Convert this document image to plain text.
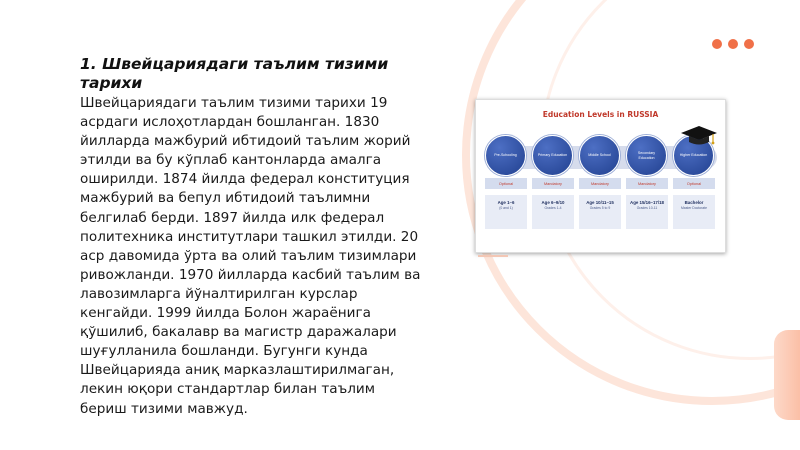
1. Швейцариядаги таълим тизими тарихи
Швейцариядаги таълим тизими тарихи 19 асрдаги ислоҳотлардан бошланган. 1830 йилларда мажбурий ибтидоий таълим жорий этилди ва бу кўплаб кантонларда амалга оширилди. 1874 йилда федерал конституция мажбурий ва бепул ибтидоий таълимни белгилаб берди. 1897 йилда илк федерал политехника институтлари ташкил этилди. 20 аср давомида ўрта ва олий таълим тизимлари ривожланди. 1970 йилларда касбий таълим ва лавозимларга йўналтирилган курслар кенгайди. 1999 йилда Болон жараёнига қўшилиб, бакалавр ва магистр даражалари шуғулланила бошланди. Бугунги кунда Швейцарияда аниқ марказлаштирилмаган, лекин юқори стандартлар билан таълим бериш тизими мавжуд.
Education Levels in RUSSIA
Pre-Schooling
Optional
Age 1–6
(0 and 1)
Primary Education
Mandatory
Age 6–9/10
Grades 1-4
Middle School
Mandatory
Age 10/11–15
Grades 5 to 9
Secondary Education
Mandatory
Age 15/16–17/18
Grades 10-11
Higher Education
Optional
Bachelor
Master Doctorate
